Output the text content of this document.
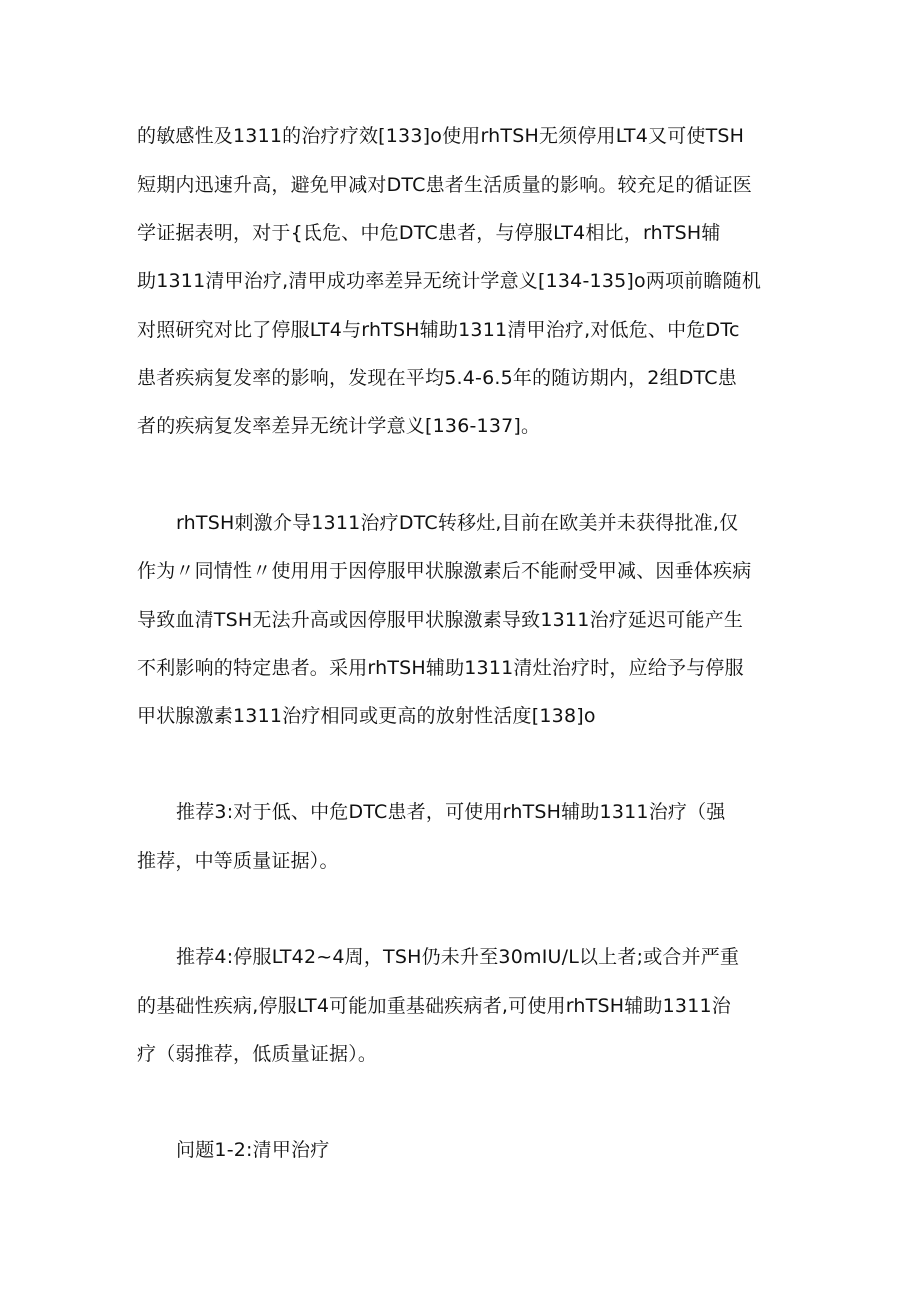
的敏感性及1311的治疗疗效[133]o使用rhTSH无须停用LT4又可使TSH
短期内迅速升高，避免甲减对DTC患者生活质量的影响。较充足的循证医
学证据表明，对于{氐危、中危DTC患者，与停服LT4相比，rhTSH辅
助1311清甲治疗,清甲成功率差异无统计学意义[134-135]o两项前瞻随机
对照研究对比了停服LT4与rhTSH辅助1311清甲治疗,对低危、中危DTc
患者疾病复发率的影响，发现在平均5.4-6.5年的随访期内，2组DTC患
者的疾病复发率差异无统计学意义[136-137]。
rhTSH刺激介导1311治疗DTC转移灶,目前在欧美并未获得批准,仅
作为〃同情性〃使用用于因停服甲状腺激素后不能耐受甲减、因垂体疾病
导致血清TSH无法升高或因停服甲状腺激素导致1311治疗延迟可能产生
不利影响的特定患者。采用rhTSH辅助1311清灶治疗时，应给予与停服
甲状腺激素1311治疗相同或更高的放射性活度[138]o
推荐3:对于低、中危DTC患者，可使用rhTSH辅助1311治疗（强
推荐，中等质量证据）。
推荐4:停服LT42~4周，TSH仍未升至30mIU/L以上者;或合并严重
的基础性疾病,停服LT4可能加重基础疾病者,可使用rhTSH辅助1311治
疗（弱推荐，低质量证据）。
问题1-2:清甲治疗
